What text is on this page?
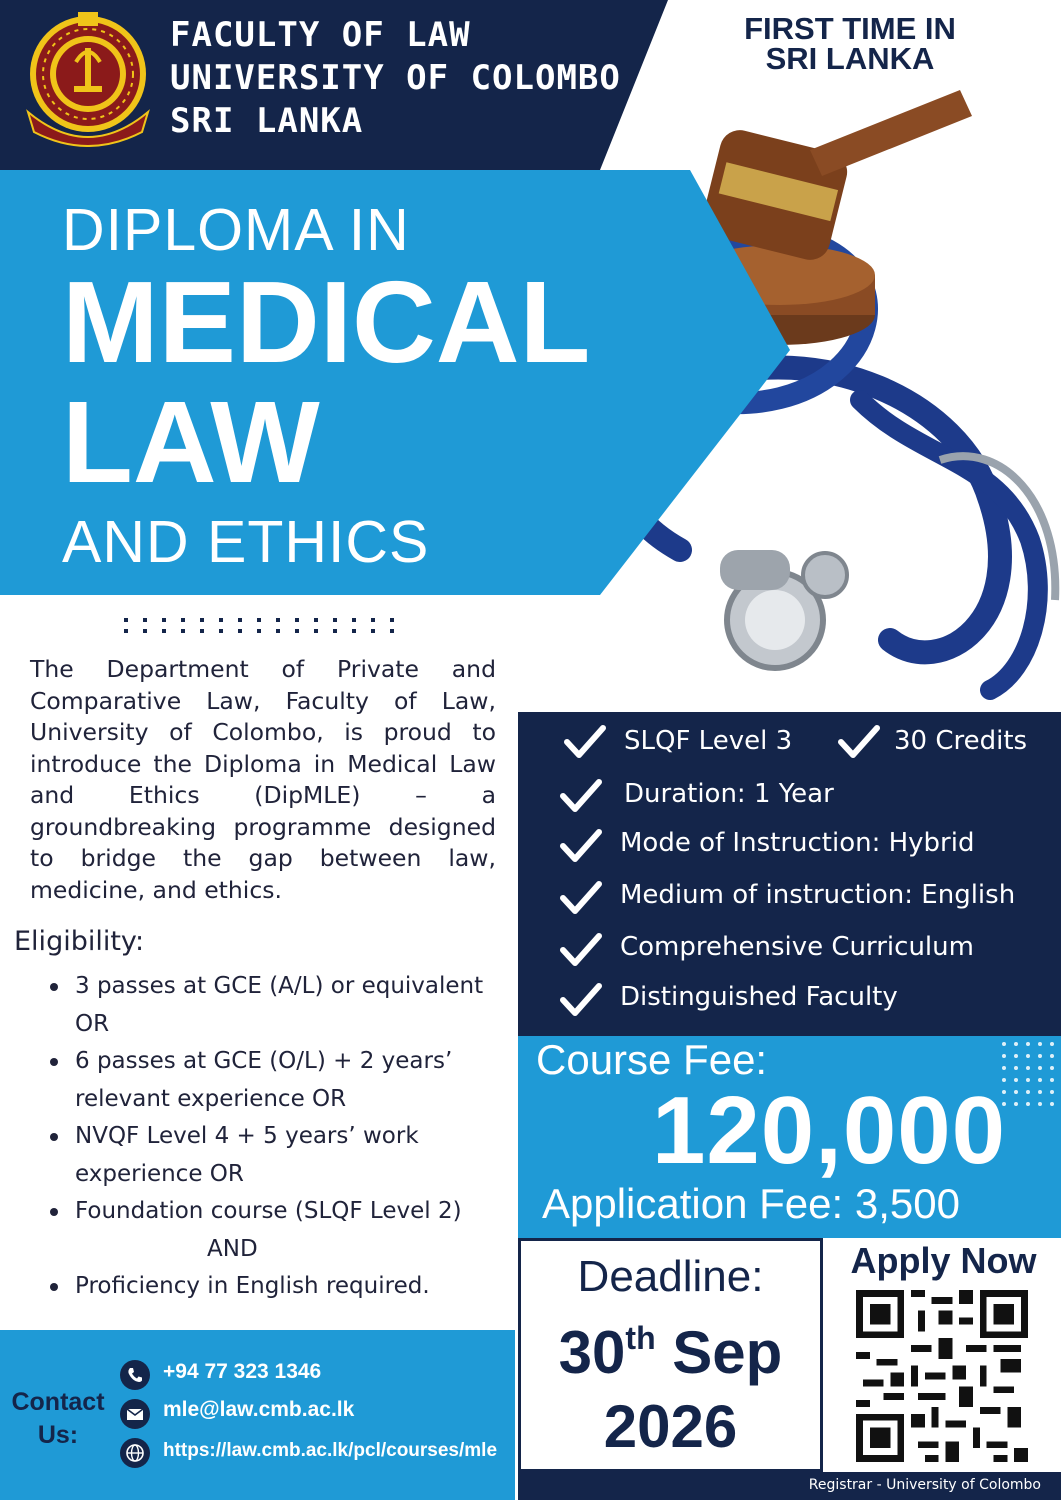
FACULTY OF LAW
UNIVERSITY OF COLOMBO
SRI LANKA
FIRST TIME IN
SRI LANKA
DIPLOMA IN
MEDICAL
LAW
AND ETHICS

The Department of Private and Comparative Law, Faculty of Law, University of Colombo, is proud to introduce the Diploma in Medical Law and Ethics (DipMLE) – a groundbreaking programme designed to bridge the gap between law, medicine, and ethics.

Eligibility:
3 passes at GCE (A/L) or equivalent OR
6 passes at GCE (O/L) + 2 years’ relevant experience OR
NVQF Level 4 + 5 years’ work experience OR
Foundation course (SLQF Level 2)
AND
Proficiency in English required.
SLQF Level 3	30 Credits
Duration: 1 Year
Mode of Instruction: Hybrid
Medium of instruction: English
Comprehensive Curriculum
Distinguished Faculty
Course Fee:
120,000
Application Fee: 3,500
Deadline:
30th Sep
2026
Apply Now
Contact
Us:
+94 77 323 1346
mle@law.cmb.ac.lk
https://law.cmb.ac.lk/pcl/courses/mle
Registrar - University of Colombo
